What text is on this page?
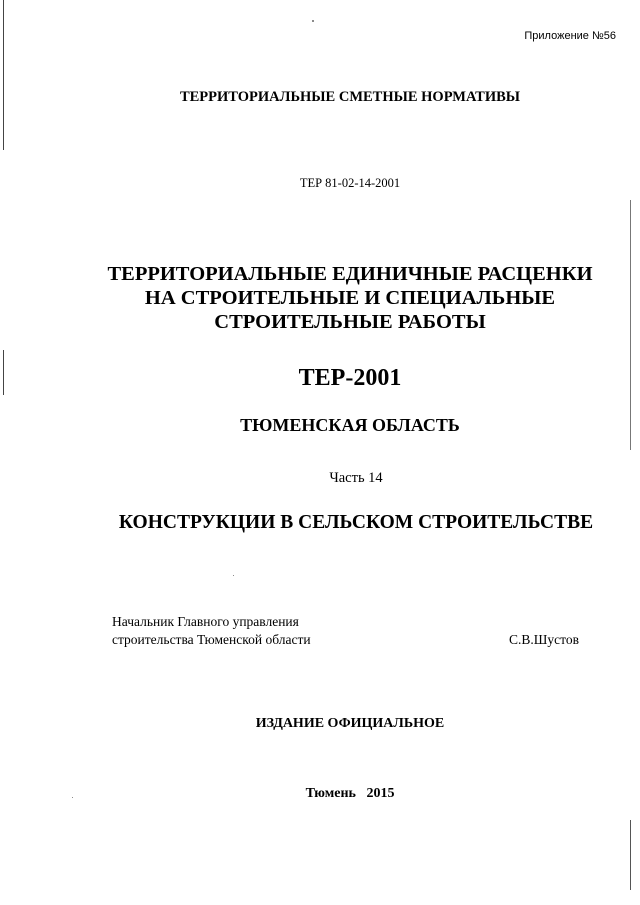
Приложение №56
ТЕРРИТОРИАЛЬНЫЕ СМЕТНЫЕ НОРМАТИВЫ
ТЕР 81-02-14-2001
ТЕРРИТОРИАЛЬНЫЕ ЕДИНИЧНЫЕ РАСЦЕНКИ
НА СТРОИТЕЛЬНЫЕ И СПЕЦИАЛЬНЫЕ
СТРОИТЕЛЬНЫЕ РАБОТЫ
ТЕР-2001
ТЮМЕНСКАЯ ОБЛАСТЬ
Часть 14
КОНСТРУКЦИИ В СЕЛЬСКОМ СТРОИТЕЛЬСТВЕ
Начальник Главного управления
строительства Тюменской области	С.В.Шустов
ИЗДАНИЕ ОФИЦИАЛЬНОЕ
Тюмень 2015
